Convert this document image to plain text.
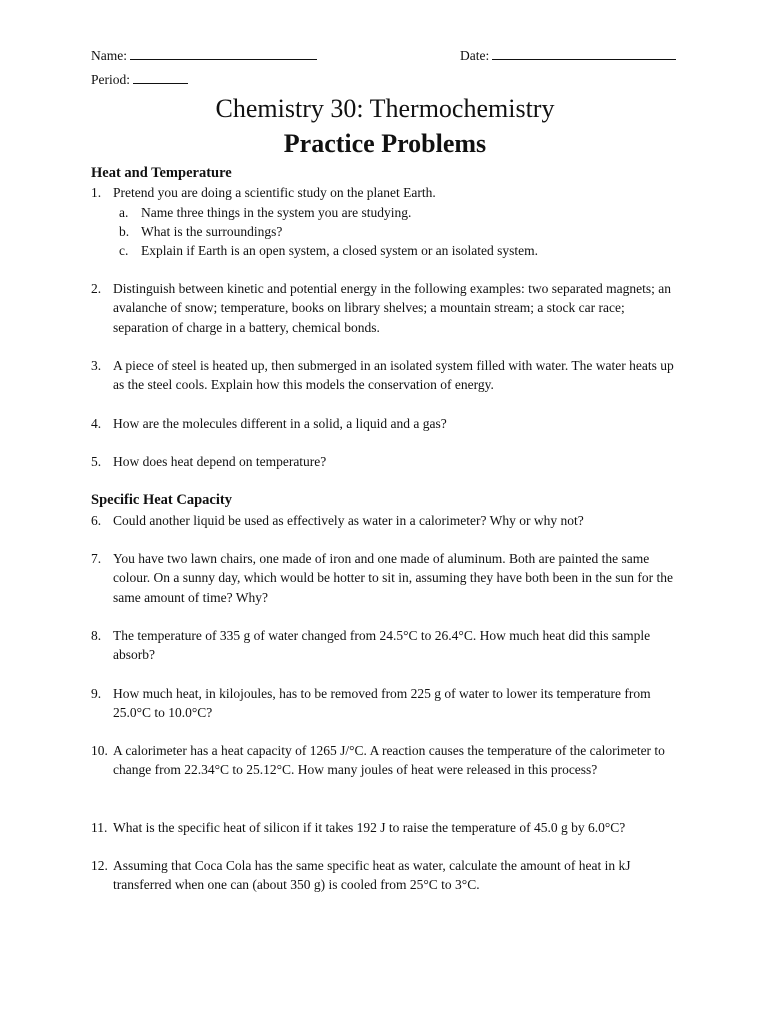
Name:	Date:
Period:
Chemistry 30: Thermochemistry
Practice Problems
Heat and Temperature
1. Pretend you are doing a scientific study on the planet Earth.
a. Name three things in the system you are studying.
b. What is the surroundings?
c. Explain if Earth is an open system, a closed system or an isolated system.
2. Distinguish between kinetic and potential energy in the following examples: two separated magnets; an avalanche of snow; temperature, books on library shelves; a mountain stream; a stock car race; separation of charge in a battery, chemical bonds.
3. A piece of steel is heated up, then submerged in an isolated system filled with water. The water heats up as the steel cools. Explain how this models the conservation of energy.
4. How are the molecules different in a solid, a liquid and a gas?
5. How does heat depend on temperature?
Specific Heat Capacity
6. Could another liquid be used as effectively as water in a calorimeter? Why or why not?
7. You have two lawn chairs, one made of iron and one made of aluminum. Both are painted the same colour. On a sunny day, which would be hotter to sit in, assuming they have both been in the sun for the same amount of time? Why?
8. The temperature of 335 g of water changed from 24.5°C to 26.4°C. How much heat did this sample absorb?
9. How much heat, in kilojoules, has to be removed from 225 g of water to lower its temperature from 25.0°C to 10.0°C?
10. A calorimeter has a heat capacity of 1265 J/°C. A reaction causes the temperature of the calorimeter to change from 22.34°C to 25.12°C. How many joules of heat were released in this process?
11. What is the specific heat of silicon if it takes 192 J to raise the temperature of 45.0 g by 6.0°C?
12. Assuming that Coca Cola has the same specific heat as water, calculate the amount of heat in kJ transferred when one can (about 350 g) is cooled from 25°C to 3°C.
